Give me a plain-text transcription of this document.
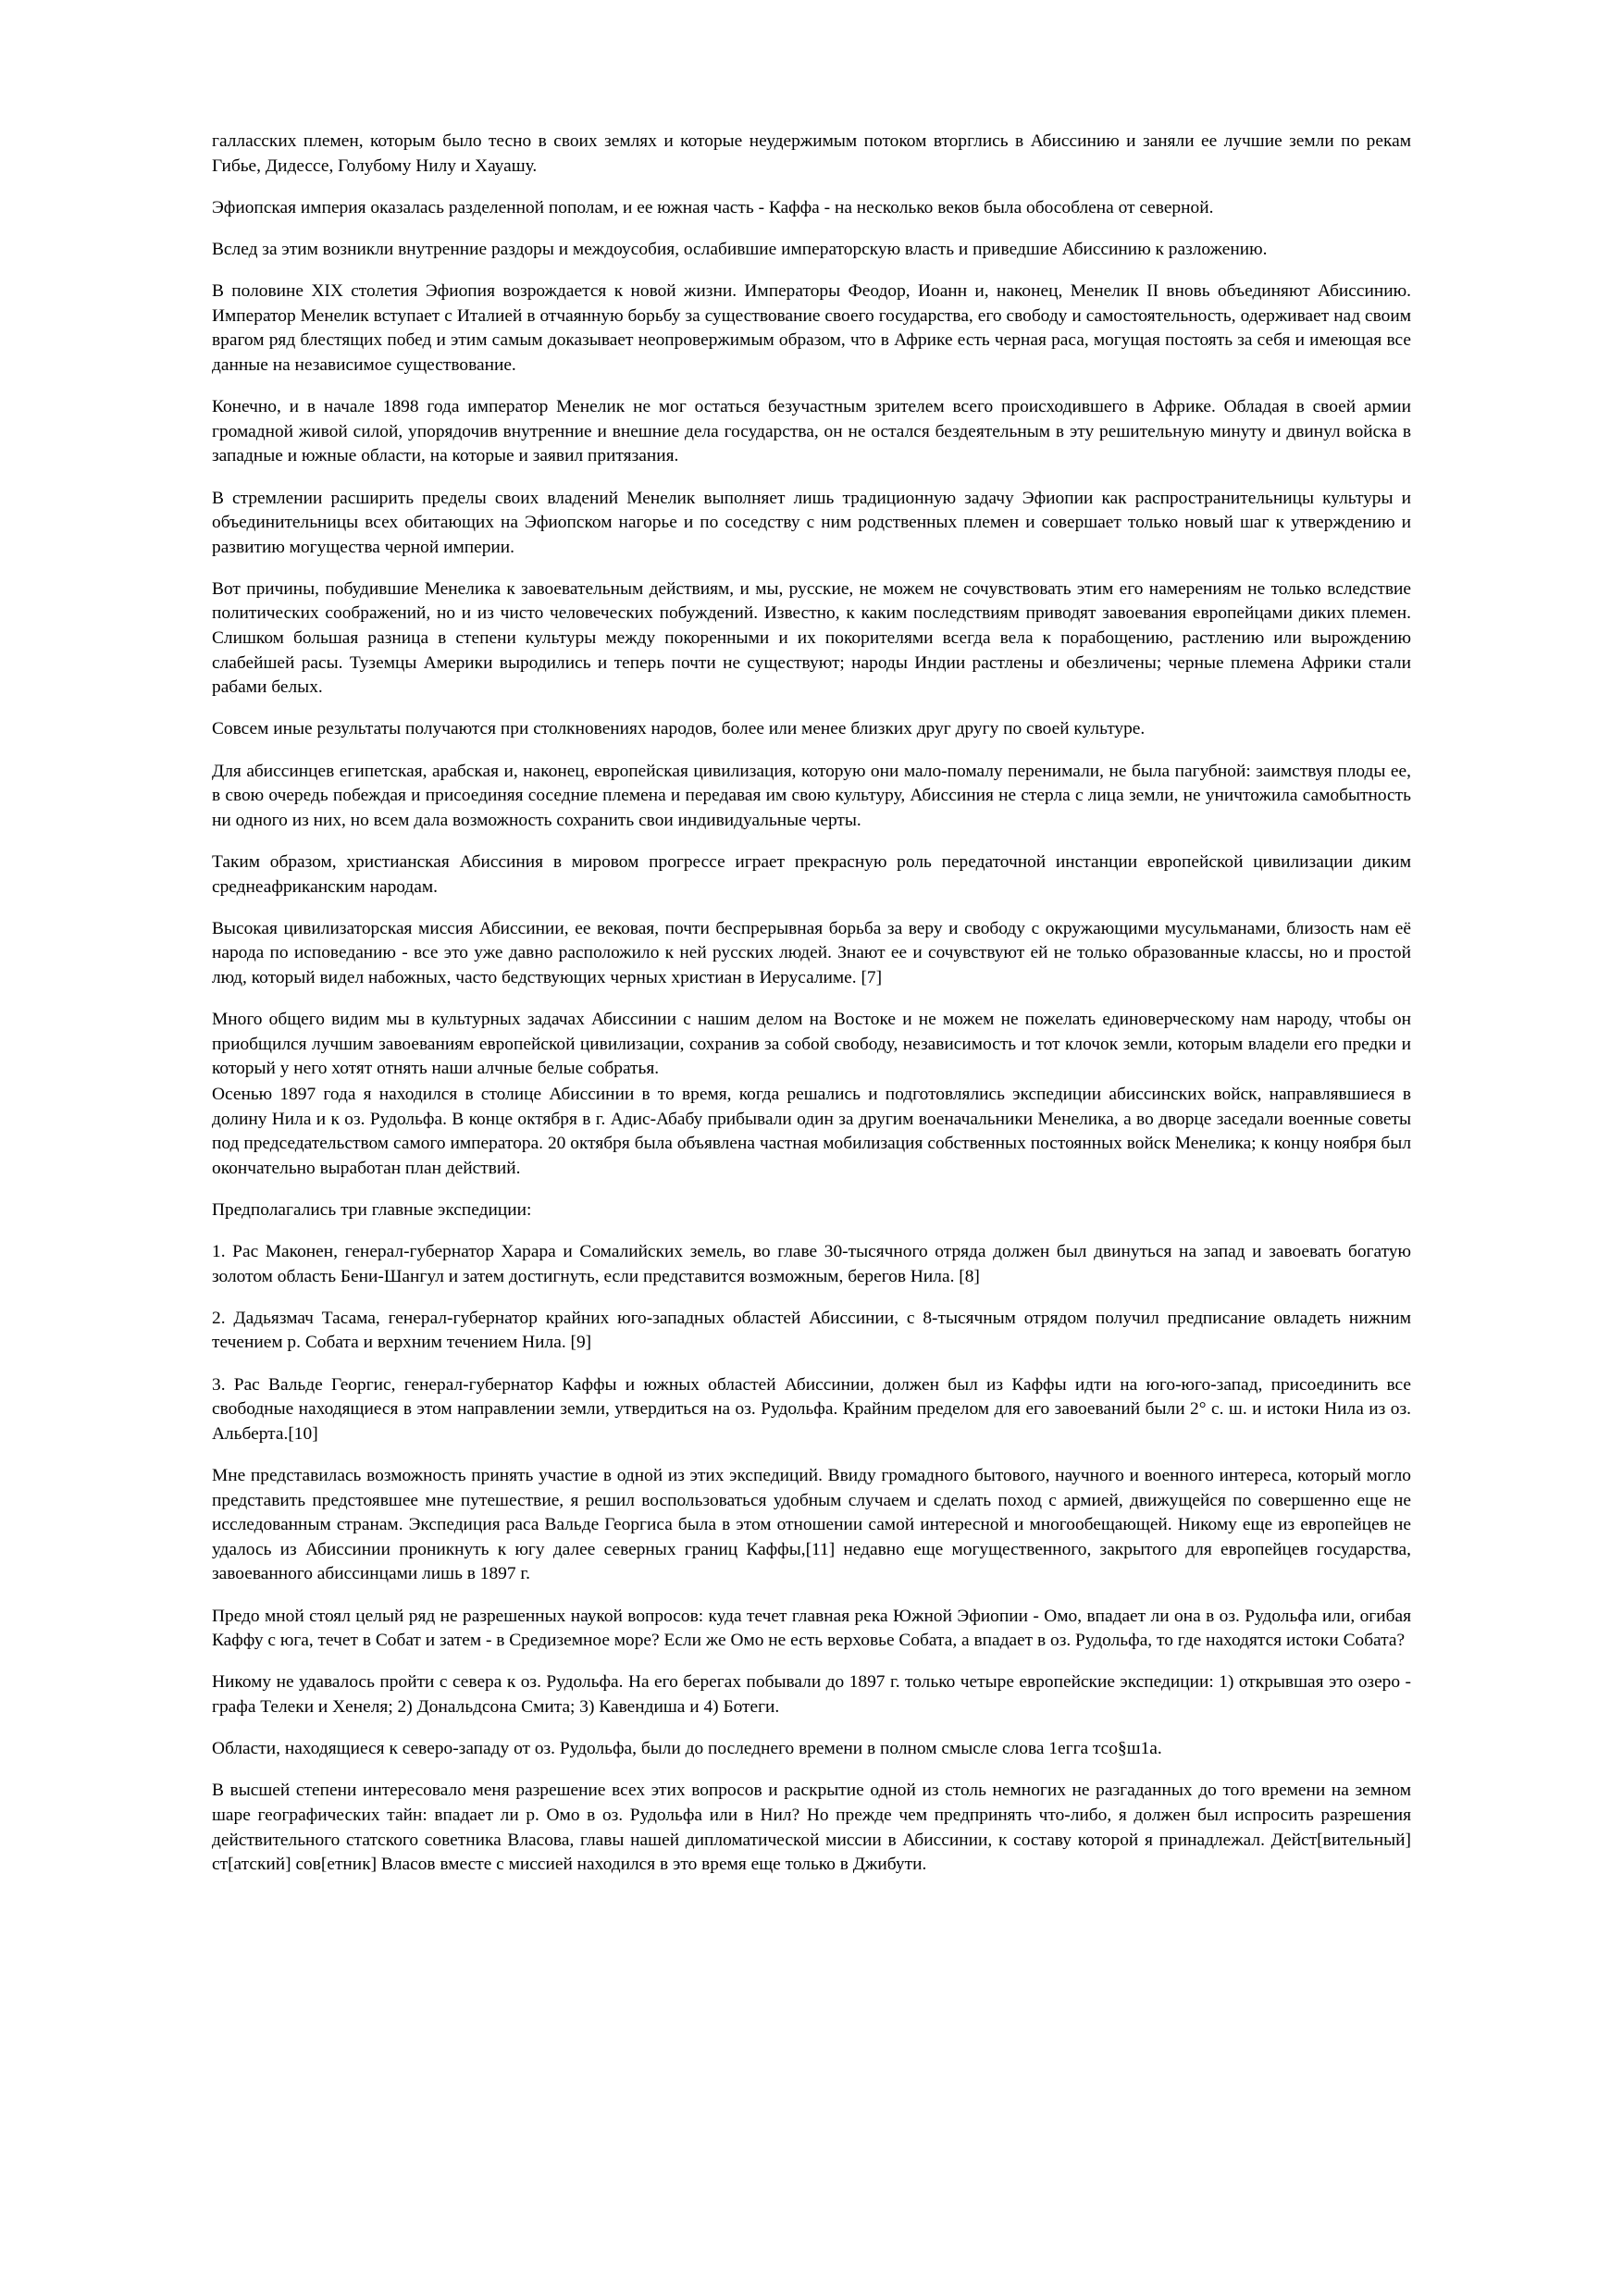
галласских племен, которым было тесно в своих землях и которые неудержимым потоком вторглись в Абиссинию и заняли ее лучшие земли по рекам Гибье, Дидессе, Голубому Нилу и Хауашу.

Эфиопская империя оказалась разделенной пополам, и ее южная часть - Каффа - на несколько веков была обособлена от северной.

Вслед за этим возникли внутренние раздоры и междоусобия, ослабившие императорскую власть и приведшие Абиссинию к разложению.

В половине XIX столетия Эфиопия возрождается к новой жизни. Императоры Феодор, Иоанн и, наконец, Менелик II вновь объединяют Абиссинию. Император Менелик вступает с Италией в отчаянную борьбу за существование своего государства, его свободу и самостоятельность, одерживает над своим врагом ряд блестящих побед и этим самым доказывает неопровержимым образом, что в Африке есть черная раса, могущая постоять за себя и имеющая все данные на независимое существование.

Конечно, и в начале 1898 года император Менелик не мог остаться безучастным зрителем всего происходившего в Африке. Обладая в своей армии громадной живой силой, упорядочив внутренние и внешние дела государства, он не остался бездеятельным в эту решительную минуту и двинул войска в западные и южные области, на которые и заявил притязания.

В стремлении расширить пределы своих владений Менелик выполняет лишь традиционную задачу Эфиопии как распространительницы культуры и объединительницы всех обитающих на Эфиопском нагорье и по соседству с ним родственных племен и совершает только новый шаг к утверждению и развитию могущества черной империи.

Вот причины, побудившие Менелика к завоевательным действиям, и мы, русские, не можем не сочувствовать этим его намерениям не только вследствие политических соображений, но и из чисто человеческих побуждений. Известно, к каким последствиям приводят завоевания европейцами диких племен. Слишком большая разница в степени культуры между покоренными и их покорителями всегда вела к порабощению, растлению или вырождению слабейшей расы. Туземцы Америки выродились и теперь почти не существуют; народы Индии растлены и обезличены; черные племена Африки стали рабами белых.

Совсем иные результаты получаются при столкновениях народов, более или менее близких друг другу по своей культуре.

Для абиссинцев египетская, арабская и, наконец, европейская цивилизация, которую они мало-помалу перенимали, не была пагубной: заимствуя плоды ее, в свою очередь побеждая и присоединяя соседние племена и передавая им свою культуру, Абиссиния не стерла с лица земли, не уничтожила самобытность ни одного из них, но всем дала возможность сохранить свои индивидуальные черты.

Таким образом, христианская Абиссиния в мировом прогрессе играет прекрасную роль передаточной инстанции европейской цивилизации диким среднеафриканским народам.

Высокая цивилизаторская миссия Абиссинии, ее вековая, почти беспрерывная борьба за веру и свободу с окружающими мусульманами, близость нам её народа по исповеданию - все это уже давно расположило к ней русских людей. Знают ее и сочувствуют ей не только образованные классы, но и простой люд, который видел набожных, часто бедствующих черных христиан в Иерусалиме. [7]

Много общего видим мы в культурных задачах Абиссинии с нашим делом на Востоке и не можем не пожелать единоверческому нам народу, чтобы он приобщился лучшим завоеваниям европейской цивилизации, сохранив за собой свободу, независимость и тот клочок земли, которым владели его предки и который у него хотят отнять наши алчные белые собратья.

Осенью 1897 года я находился в столице Абиссинии в то время, когда решались и подготовлялись экспедиции абиссинских войск, направлявшиеся в долину Нила и к оз. Рудольфа. В конце октября в г. Адис-Абабу прибывали один за другим военачальники Менелика, а во дворце заседали военные советы под председательством самого императора. 20 октября была объявлена частная мобилизация собственных постоянных войск Менелика; к концу ноября был окончательно выработан план действий.

Предполагались три главные экспедиции:

1. Рас Маконен, генерал-губернатор Харара и Сомалийских земель, во главе 30-тысячного отряда должен был двинуться на запад и завоевать богатую золотом область Бени-Шангул и затем достигнуть, если представится возможным, берегов Нила. [8]

2. Дадьязмач Тасама, генерал-губернатор крайних юго-западных областей Абиссинии, с 8-тысячным отрядом получил предписание овладеть нижним течением р. Собата и верхним течением Нила. [9]

3. Рас Вальде Георгис, генерал-губернатор Каффы и южных областей Абиссинии, должен был из Каффы идти на юго-юго-запад, присоединить все свободные находящиеся в этом направлении земли, утвердиться на оз. Рудольфа. Крайним пределом для его завоеваний были 2° с. ш. и истоки Нила из оз. Альберта.[10]

Мне представилась возможность принять участие в одной из этих экспедиций. Ввиду громадного бытового, научного и военного интереса, который могло представить предстоявшее мне путешествие, я решил воспользоваться удобным случаем и сделать поход с армией, движущейся по совершенно еще не исследованным странам. Экспедиция раса Вальде Георгиса была в этом отношении самой интересной и многообещающей. Никому еще из европейцев не удалось из Абиссинии проникнуть к югу далее северных границ Каффы,[11] недавно еще могущественного, закрытого для европейцев государства, завоеванного абиссинцами лишь в 1897 г.

Предо мной стоял целый ряд не разрешенных наукой вопросов: куда течет главная река Южной Эфиопии - Омо, впадает ли она в оз. Рудольфа или, огибая Каффу с юга, течет в Собат и затем - в Средиземное море? Если же Омо не есть верховье Собата, а впадает в оз. Рудольфа, то где находятся истоки Собата?

Никому не удавалось пройти с севера к оз. Рудольфа. На его берегах побывали до 1897 г. только четыре европейские экспедиции: 1) открывшая это озеро - графа Телеки и Хенеля; 2) Дональдсона Смита; 3) Кавендиша и 4) Ботеги.

Области, находящиеся к северо-западу от оз. Рудольфа, были до последнего времени в полном смысле слова 1егга тсо§ш1а.

В высшей степени интересовало меня разрешение всех этих вопросов и раскрытие одной из столь немногих не разгаданных до того времени на земном шаре географических тайн: впадает ли р. Омо в оз. Рудольфа или в Нил? Но прежде чем предпринять что-либо, я должен был испросить разрешения действительного статского советника Власова, главы нашей дипломатической миссии в Абиссинии, к составу которой я принадлежал. Дейст[вительный] ст[атский] сов[етник] Власов вместе с миссией находился в это время еще только в Джибути.
